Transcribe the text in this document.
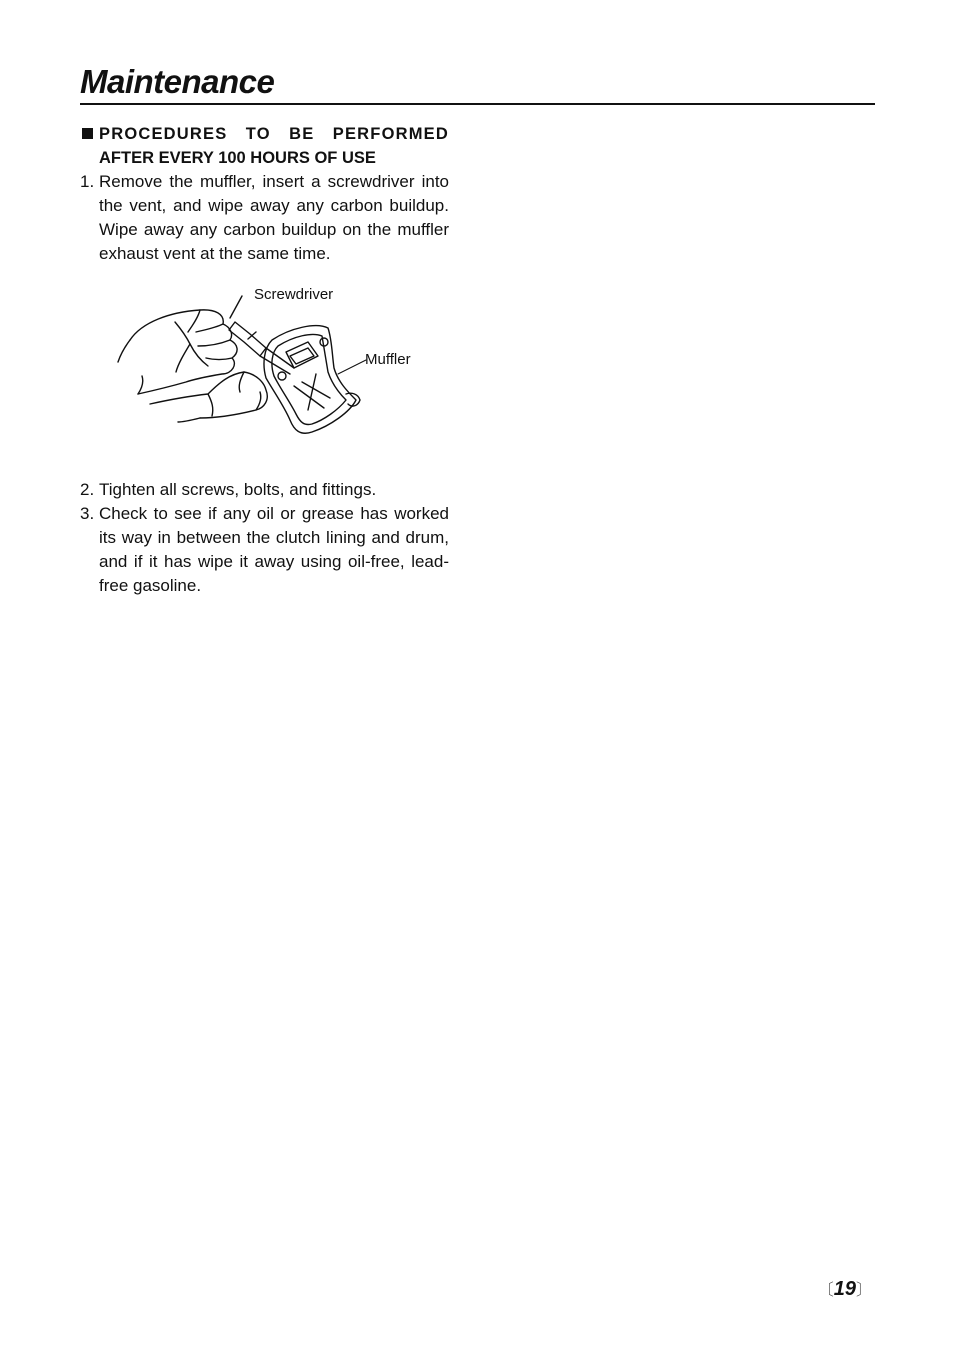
Maintenance
PROCEDURES TO BE PERFORMED
AFTER EVERY 100 HOURS OF USE
1. Remove the muffler, insert a screwdriver into the vent, and wipe away any carbon buildup. Wipe away any carbon buildup on the muffler exhaust vent at the same time.
Screwdriver
Muffler
2. Tighten all screws, bolts, and fittings.
3. Check to see if any oil or grease has worked its way in between the clutch lining and drum, and if it has wipe it away using oil-free, lead-free gasoline.
〔19〕
